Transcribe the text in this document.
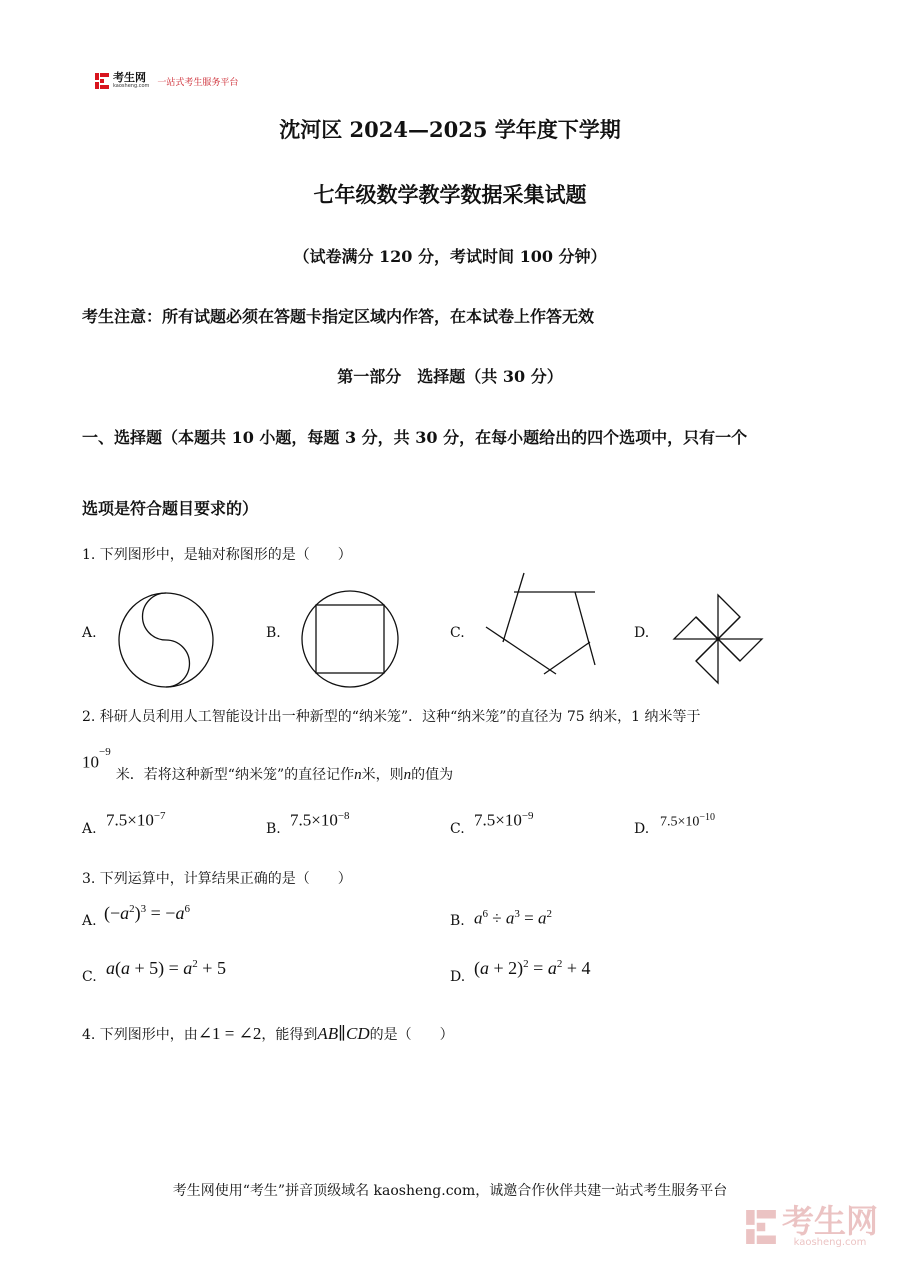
考生网
kaosheng.com 一站式考生服务平台
沈河区 2024—2025 学年度下学期
七年级数学教学数据采集试题
（试卷满分 120 分，考试时间 100 分钟）
考生注意：所有试题必须在答题卡指定区域内作答，在本试卷上作答无效
第一部分　选择题（共 30 分）
一、选择题（本题共 10 小题，每题 3 分，共 30 分，在每小题给出的四个选项中，只有一个
选项是符合题目要求的）
1. 下列图形中，是轴对称图形的是（　　）
A.	B.	C.	D.
2. 科研人员利用人工智能设计出一种新型的“纳米笼”．这种“纳米笼”的直径为 75 纳米，1 纳米等于
$10^{-9}$ 米．若将这种新型“纳米笼”的直径记作n米，则n的值为
A. $7.5\times 10^{-7}$
B. $7.5\times 10^{-8}$
C. $7.5\times 10^{-9}$
D. $7.5\times 10^{-10}$
3. 下列运算中，计算结果正确的是（　　）
A. $(-a^2)^3 = -a^6$
B. $a^6 \div a^3 = a^2$
C. $a(a + 5) = a^2 + 5$	D. $(a + 2)^2 = a^2 + 4$
4. 下列图形中，由∠1 = ∠2，能得到AB∥CD的是（　　）
考生网使用“考生”拼音顶级域名 kaosheng.com，诚邀合作伙伴共建一站式考生服务平台
考生网
kaosheng.com
